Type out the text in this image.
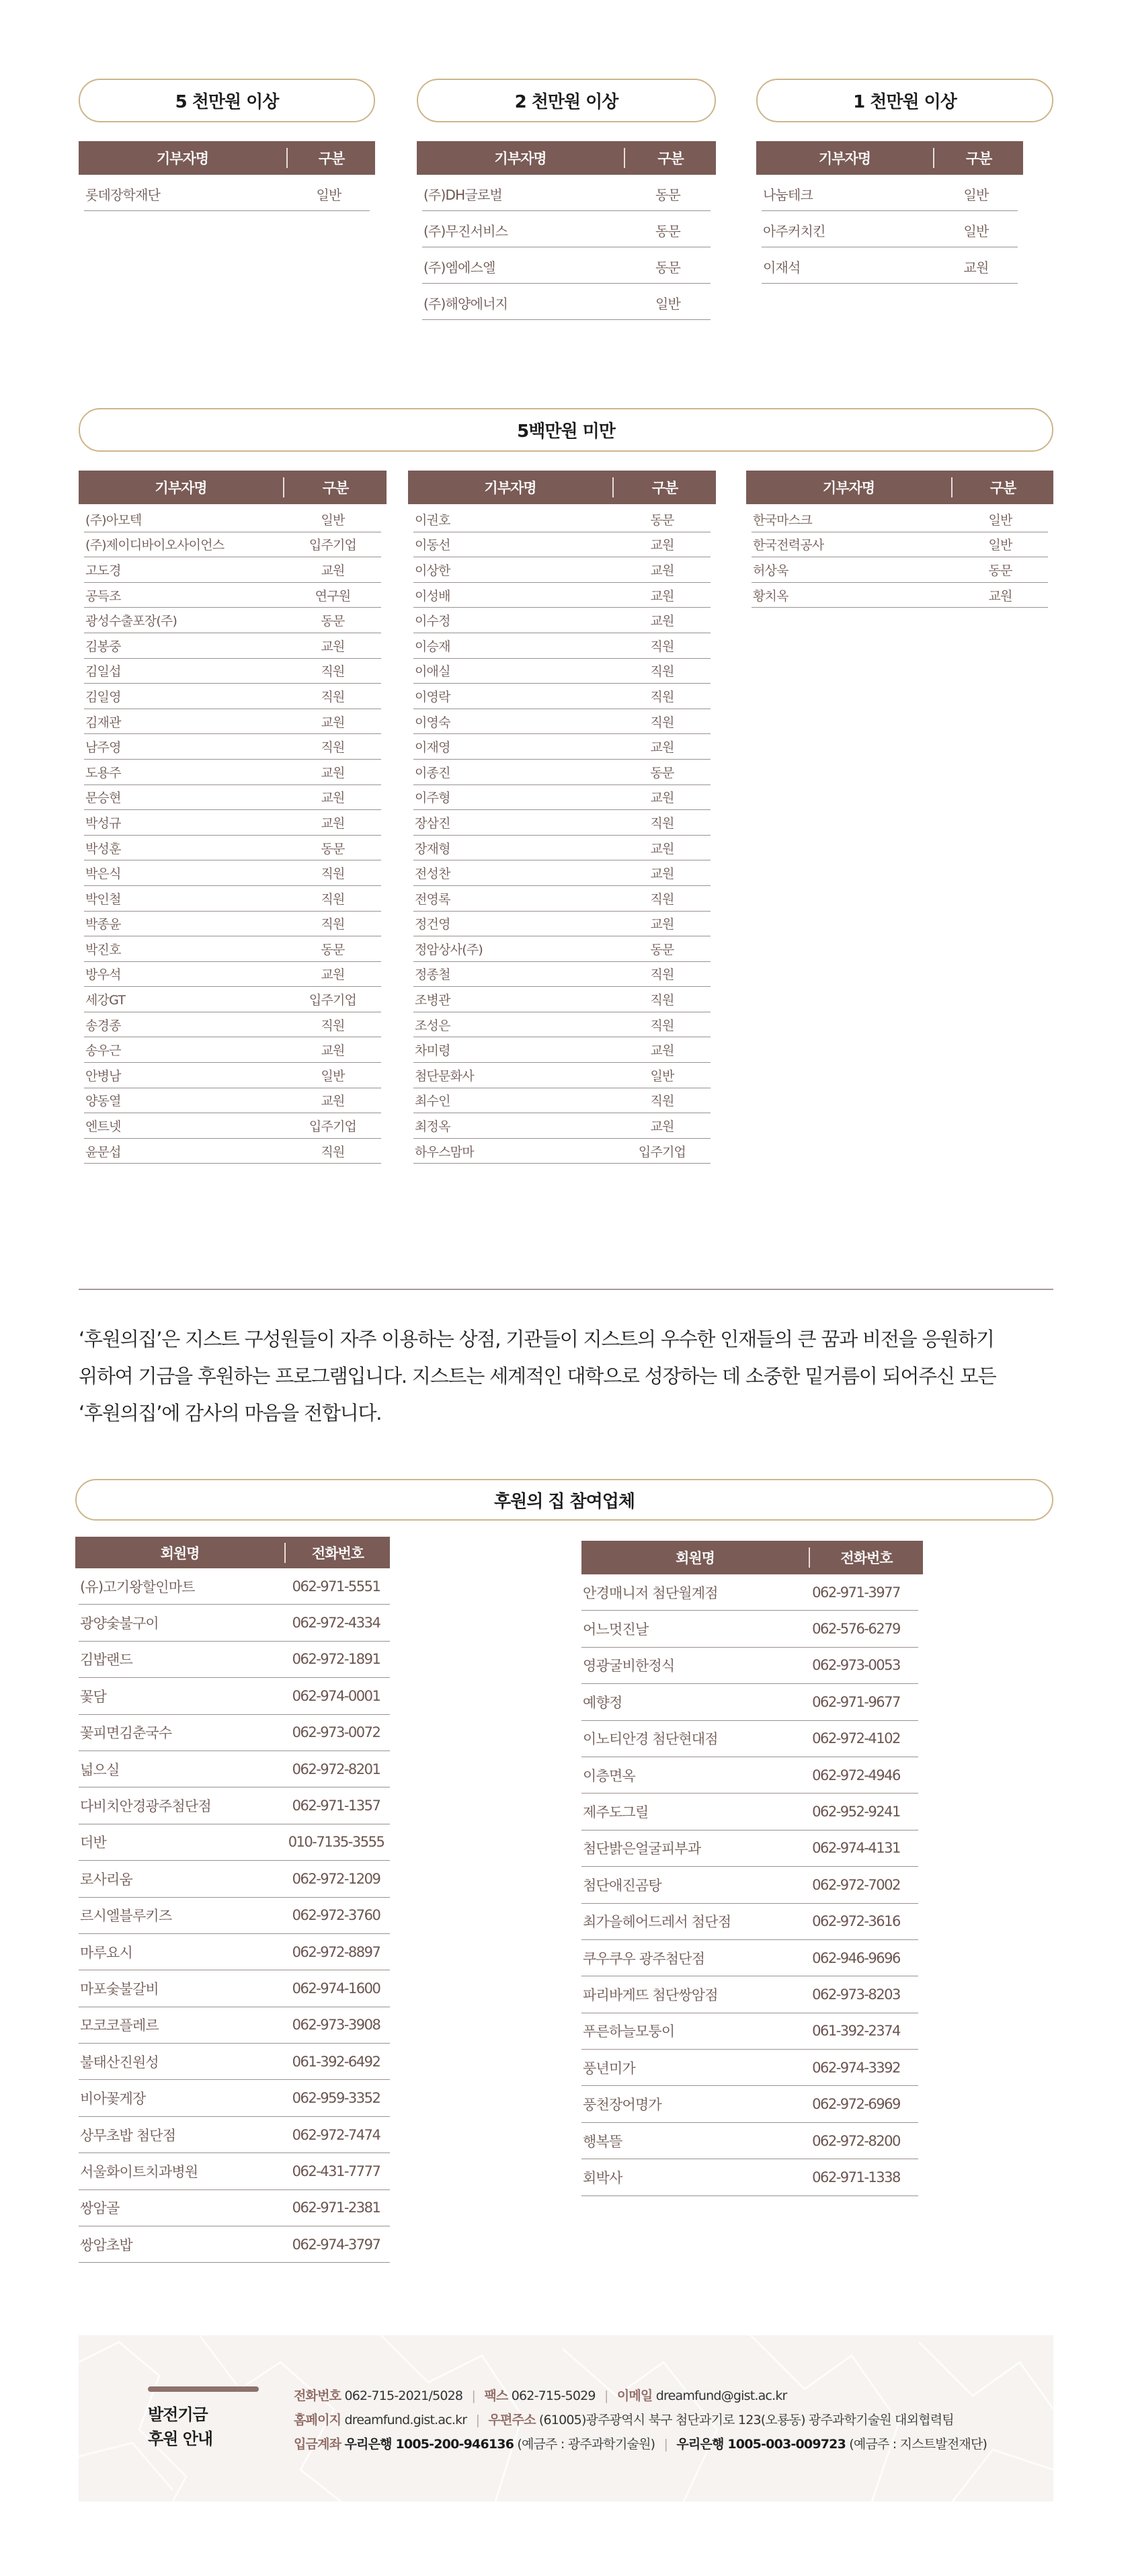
5 천만원 이상
기부자명	구분
롯데장학재단	일반
2 천만원 이상
기부자명	구분
(주)DH글로벌	동문
(주)무진서비스	동문
(주)엠에스엘	동문
(주)해양에너지	일반
1 천만원 이상
기부자명	구분
나눔테크	일반
아주커치킨	일반
이재석	교원
5백만원 미만
기부자명	구분
(주)아모텍	일반
(주)제이디바이오사이언스	입주기업
고도경	교원
공득조	연구원
광성수출포장(주)	동문
김봉중	교원
김일섭	직원
김일영	직원
김재관	교원
남주영	직원
도용주	교원
문승현	교원
박성규	교원
박성훈	동문
박은식	직원
박인철	직원
박종윤	직원
박진호	동문
방우석	교원
세강GT	입주기업
송경종	직원
송우근	교원
안병남	일반
양동열	교원
엔트넷	입주기업
윤문섭	직원
기부자명	구분
이권호	동문
이동선	교원
이상한	교원
이성배	교원
이수정	교원
이승재	직원
이애실	직원
이영락	직원
이영숙	직원
이재영	교원
이종진	동문
이주형	교원
장삼진	직원
장재형	교원
전성찬	교원
전영록	직원
정건영	교원
정암상사(주)	동문
정종철	직원
조병관	직원
조성은	직원
차미령	교원
첨단문화사	일반
최수인	직원
최정옥	교원
하우스맘마	입주기업
기부자명	구분
한국마스크	일반
한국전력공사	일반
허상욱	동문
황치옥	교원

‘후원의집’은 지스트 구성원들이 자주 이용하는 상점, 기관들이 지스트의 우수한 인재들의 큰 꿈과 비전을 응원하기

위하여 기금을 후원하는 프로그램입니다. 지스트는 세계적인 대학으로 성장하는 데 소중한 밑거름이 되어주신 모든

‘후원의집’에 감사의 마음을 전합니다.

후원의 집 참여업체
회원명	전화번호
(유)고기왕할인마트	062-971-5551
광양숯불구이	062-972-4334
김밥랜드	062-972-1891
꽃담	062-974-0001
꽃피면김춘국수	062-973-0072
넓으실	062-972-8201
다비치안경광주첨단점	062-971-1357
더반	010-7135-3555
로사리움	062-972-1209
르시엘블루키즈	062-972-3760
마루요시	062-972-8897
마포숯불갈비	062-974-1600
모코코플레르	062-973-3908
불태산진원성	061-392-6492
비아꽃게장	062-959-3352
상무초밥 첨단점	062-972-7474
서울화이트치과병원	062-431-7777
쌍암골	062-971-2381
쌍암초밥	062-974-3797
회원명	전화번호
안경매니저 첨단월계점	062-971-3977
어느멋진날	062-576-6279
영광굴비한정식	062-973-0053
예향정	062-971-9677
이노티안경 첨단현대점	062-972-4102
이층면옥	062-972-4946
제주도그릴	062-952-9241
첨단밝은얼굴피부과	062-974-4131
첨단애진곰탕	062-972-7002
최가을헤어드레서 첨단점	062-972-3616
쿠우쿠우 광주첨단점	062-946-9696
파리바게뜨 첨단쌍암점	062-973-8203
푸른하늘모퉁이	061-392-2374
풍년미가	062-974-3392
풍천장어명가	062-972-6969
행복뜰	062-972-8200
회박사	062-971-1338
발전기금
후원 안내
전화번호 062-715-2021/5028 | 팩스 062-715-5029 | 이메일 dreamfund@gist.ac.kr
홈페이지 dreamfund.gist.ac.kr | 우편주소 (61005)광주광역시 북구 첨단과기로 123(오룡동) 광주과학기술원 대외협력팀
입금계좌 우리은행 1005-200-946136 (예금주 : 광주과학기술원) | 우리은행 1005-003-009723 (예금주 : 지스트발전재단)
